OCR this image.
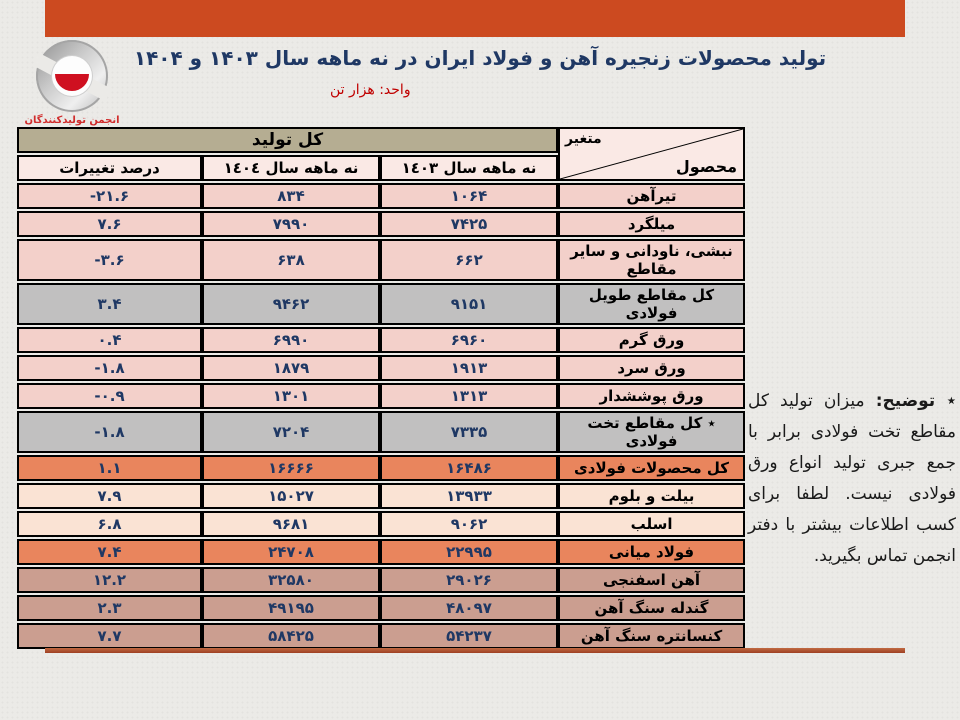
انجمن تولیدکنندگان
تولید محصولات زنجیره آهن و فولاد ایران در نه ماهه سال ۱۴۰۳ و ۱۴۰۴
واحد: هزار تن
متغیر
محصول	کل تولید		
	نه ماهه سال ١٤٠٣	نه ماهه سال ١٤٠٤	درصد تغییرات
تیرآهن	۱۰۶۴	۸۳۴	-۲۱.۶
میلگرد	۷۴۲۵	۷۹۹۰	۷.۶
نبشی، ناودانی و سایر مقاطع	۶۶۲	۶۳۸	-۳.۶
کل مقاطع طویل فولادی	۹۱۵۱	۹۴۶۲	۳.۴
ورق گرم	۶۹۶۰	۶۹۹۰	۰.۴
ورق سرد	۱۹۱۳	۱۸۷۹	-۱.۸
ورق پوششدار	۱۳۱۳	۱۳۰۱	-۰.۹
٭ کل مقاطع تخت فولادی	۷۳۳۵	۷۲۰۴	-۱.۸
کل محصولات فولادی	۱۶۴۸۶	۱۶۶۶۶	۱.۱
بیلت و بلوم	۱۳۹۳۳	۱۵۰۲۷	۷.۹
اسلب	۹۰۶۲	۹۶۸۱	۶.۸
فولاد میانی	۲۲۹۹۵	۲۴۷۰۸	۷.۴
آهن اسفنجی	۲۹۰۲۶	۳۲۵۸۰	۱۲.۲
گندله سنگ آهن	۴۸۰۹۷	۴۹۱۹۵	۲.۳
کنسانتره سنگ آهن	۵۴۲۳۷	۵۸۴۲۵	۷.۷
٭ توضیح: میزان تولید کل مقاطع تخت فولادی برابر با جمع جبری تولید انواع ورق فولادی نیست. لطفا برای کسب اطلاعات بیشتر با دفتر انجمن تماس بگیرید.
